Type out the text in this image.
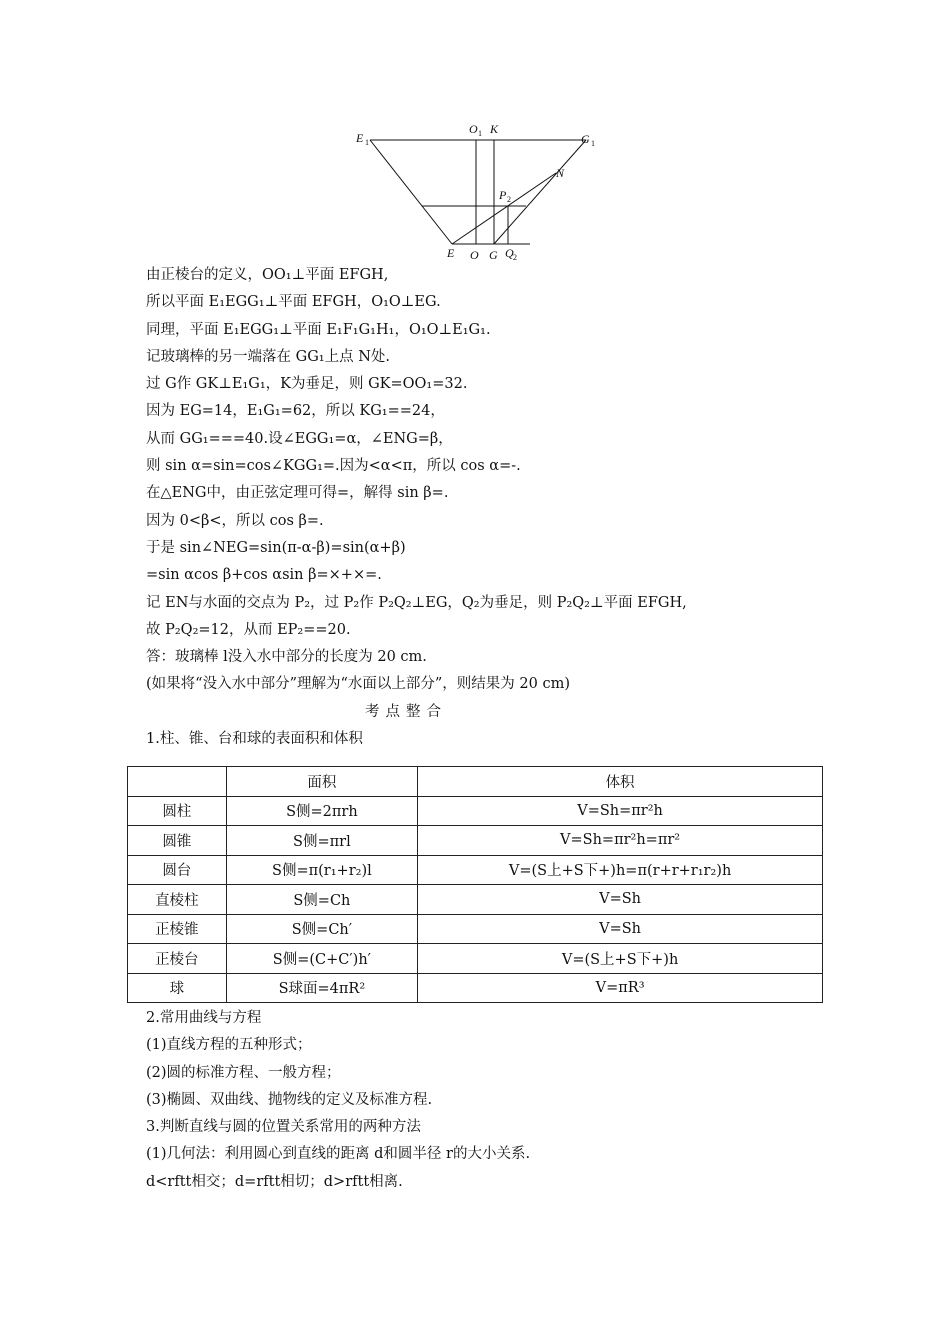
E 1
O 1 K
G 1
N
P 2
E O G Q 2
由正棱台的定义，OO₁⊥平面 EFGH,
所以平面 E₁EGG₁⊥平面 EFGH，O₁O⊥EG.
同理，平面 E₁EGG₁⊥平面 E₁F₁G₁H₁，O₁O⊥E₁G₁.
记玻璃棒的另一端落在 GG₁上点 N处.
过 G作 GK⊥E₁G₁，K为垂足，则 GK=OO₁=32.
因为 EG=14，E₁G₁=62，所以 KG₁==24，
从而 GG₁===40.设∠EGG₁=α，∠ENG=β，
则 sin α=sin=cos∠KGG₁=.因为<α<π，所以 cos α=-.
在△ENG中，由正弦定理可得=，解得 sin β=.
因为 0<β<，所以 cos β=.
于是 sin∠NEG=sin(π-α-β)=sin(α+β)
=sin αcos β+cos αsin β=×+×=.
记 EN与水面的交点为 P₂，过 P₂作 P₂Q₂⊥EG，Q₂为垂足，则 P₂Q₂⊥平面 EFGH,
故 P₂Q₂=12，从而 EP₂==20.
答：玻璃棒 l没入水中部分的长度为 20 cm.
(如果将“没入水中部分”理解为“水面以上部分”，则结果为 20 cm)
考点整合
1.柱、锥、台和球的表面积和体积
	面积	体积
圆柱	S侧=2πrh	V=Sh=πr²h
圆锥	S侧=πrl	V=Sh=πr²h=πr²
圆台	S侧=π(r₁+r₂)l	V=(S上+S下+)h=π(r+r+r₁r₂)h
直棱柱	S侧=Ch	V=Sh
正棱锥	S侧=Ch′	V=Sh
正棱台	S侧=(C+C′)h′	V=(S上+S下+)h
球	S球面=4πR²	V=πR³
2.常用曲线与方程
(1)直线方程的五种形式；
(2)圆的标准方程、一般方程；
(3)椭圆、双曲线、抛物线的定义及标准方程.
3.判断直线与圆的位置关系常用的两种方法
(1)几何法：利用圆心到直线的距离 d和圆半径 r的大小关系.
d<rftt相交；d=rftt相切；d>rftt相离.
